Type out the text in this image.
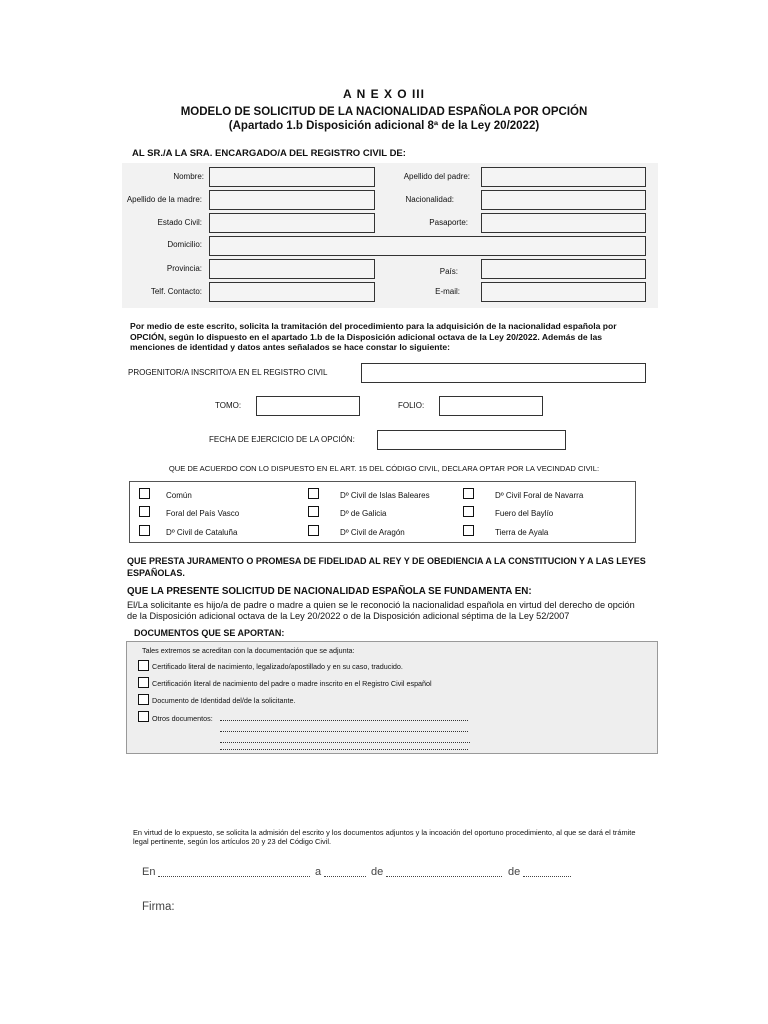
A N E X O III
MODELO DE SOLICITUD DE LA NACIONALIDAD ESPAÑOLA POR OPCIÓN
(Apartado 1.b Disposición adicional 8ª de la Ley 20/2022)
AL SR./A LA SRA. ENCARGADO/A DEL REGISTRO CIVIL DE:
Nombre:	Apellido del padre:
Apellido de la madre:	Nacionalidad:
Estado Civil:	Pasaporte:
Domicilio:
Provincia:	País:
Telf. Contacto:	E-mail:
Por medio de este escrito, solicita la tramitación del procedimiento para la adquisición de la nacionalidad española por OPCIÓN, según lo dispuesto en el apartado 1.b de la Disposición adicional octava de la Ley 20/2022. Además de las menciones de identidad y datos antes señalados se hace constar lo siguiente:
PROGENITOR/A INSCRITO/A EN EL REGISTRO CIVIL
TOMO:	FOLIO:
FECHA DE EJERCICIO DE LA OPCIÓN:
QUE DE ACUERDO CON LO DISPUESTO EN EL ART. 15 DEL CÓDIGO CIVIL, DECLARA OPTAR POR LA VECINDAD CIVIL:
Común	Dº Civil de Islas Baleares	Dº Civil Foral de Navarra
Foral del País Vasco	Dº de Galicia	Fuero del Baylío
Dº Civil de Cataluña	Dº Civil de Aragón	Tierra de Ayala
QUE PRESTA JURAMENTO O PROMESA DE FIDELIDAD AL REY Y DE OBEDIENCIA A LA CONSTITUCION Y A LAS LEYES ESPAÑOLAS.
QUE LA PRESENTE SOLICITUD DE NACIONALIDAD ESPAÑOLA SE FUNDAMENTA EN:
El/La solicitante es hijo/a de padre o madre a quien se le reconoció la nacionalidad española en virtud del derecho de opción de la Disposición adicional octava de la Ley 20/2022 o de la Disposición adicional séptima de la Ley 52/2007
DOCUMENTOS QUE SE APORTAN:
Tales extremos se acreditan con la documentación que se adjunta:
Certificado literal de nacimiento, legalizado/apostillado y en su caso, traducido.
Certificación literal de nacimiento del padre o madre inscrito en el Registro Civil español
Documento de Identidad del/de la solicitante.
Otros documentos:
En virtud de lo expuesto, se solicita la admisión del escrito y los documentos adjuntos y la incoación del oportuno procedimiento, al que se dará el trámite legal pertinente, según los artículos 20 y 23 del Código Civil.
En	a	de	de
Firma:
